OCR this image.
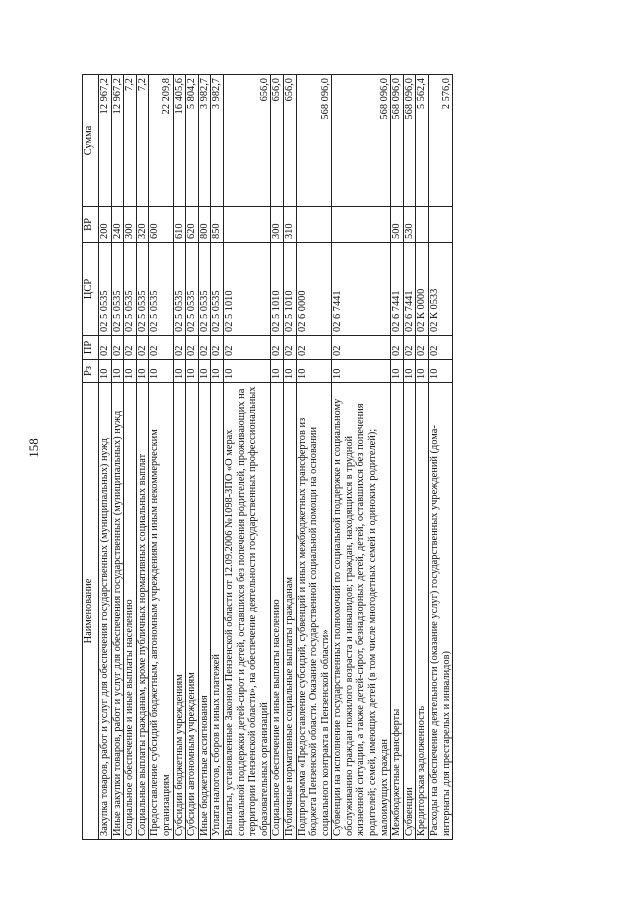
158
Наименование	Рз	ПР	ЦСР	ВР	Сумма
Закупка товаров, работ и услуг для обеспечения государственных (муниципальных) нужд	10	02	02 5 0535	200	12 967,2
Иные закупки товаров, работ и услуг для обеспечения государственных (муниципальных) нужд	10	02	02 5 0535	240	12 967,2
Социальное обеспечение и иные выплаты населению	10	02	02 5 0535	300	7,2
Социальные выплаты гражданам, кроме публичных нормативных социальных выплат	10	02	02 5 0535	320	7,2
Предоставление субсидий бюджетным, автономным учреждениям и иным некоммерческим организациям	10	02	02 5 0535	600	22 209,8
Субсидии бюджетным учреждениям	10	02	02 5 0535	610	16 405,6
Субсидии автономным учреждениям	10	02	02 5 0535	620	5 804,2
Иные бюджетные ассигнования	10	02	02 5 0535	800	3 982,7
Уплата налогов, сборов и иных платежей	10	02	02 5 0535	850	3 982,7
Выплаты, установленные Законом Пензенской области от 12.09.2006 №1098-ЗПО «О мерах социальной поддержки детей-сирот и детей, оставшихся без попечения родителей, проживающих на территории Пензенской области», на обеспечение деятельности государственных профессиональных образовательных организаций	10	02	02 5 1010		656,0
Социальное обеспечение и иные выплаты населению	10	02	02 5 1010	300	656,0
Публичные нормативные социальные выплаты гражданам	10	02	02 5 1010	310	656,0
Подпрограмма «Предоставление субсидий, субвенций и иных межбюджетных трансфертов из бюджета Пензенской области. Оказание государственной социальной помощи на основании социального контракта в Пензенской области»	10	02	02 6 0000		568 096,0
Субвенции на исполнение государственных полномочий по социальной поддержке и социальному обслуживанию граждан пожилого возраста и инвалидов; граждан, находящихся в трудной жизненной ситуации, а также детей-сирот, безнадзорных детей, детей, оставшихся без попечения родителей; семей, имеющих детей (в том числе многодетных семей и одиноких родителей); малоимущих граждан	10	02	02 6 7441		568 096,0
Межбюджетные трансферты	10	02	02 6 7441	500	568 096,0
Субвенции	10	02	02 6 7441	530	568 096,0
Кредиторская задолженность	10	02	02 К 0000		5 562,4
Расходы на обеспечение деятельности (оказание услуг) государственных учреждений (дома-интернаты для престарелых и инвалидов)	10	02	02 К 0533		2 576,0
